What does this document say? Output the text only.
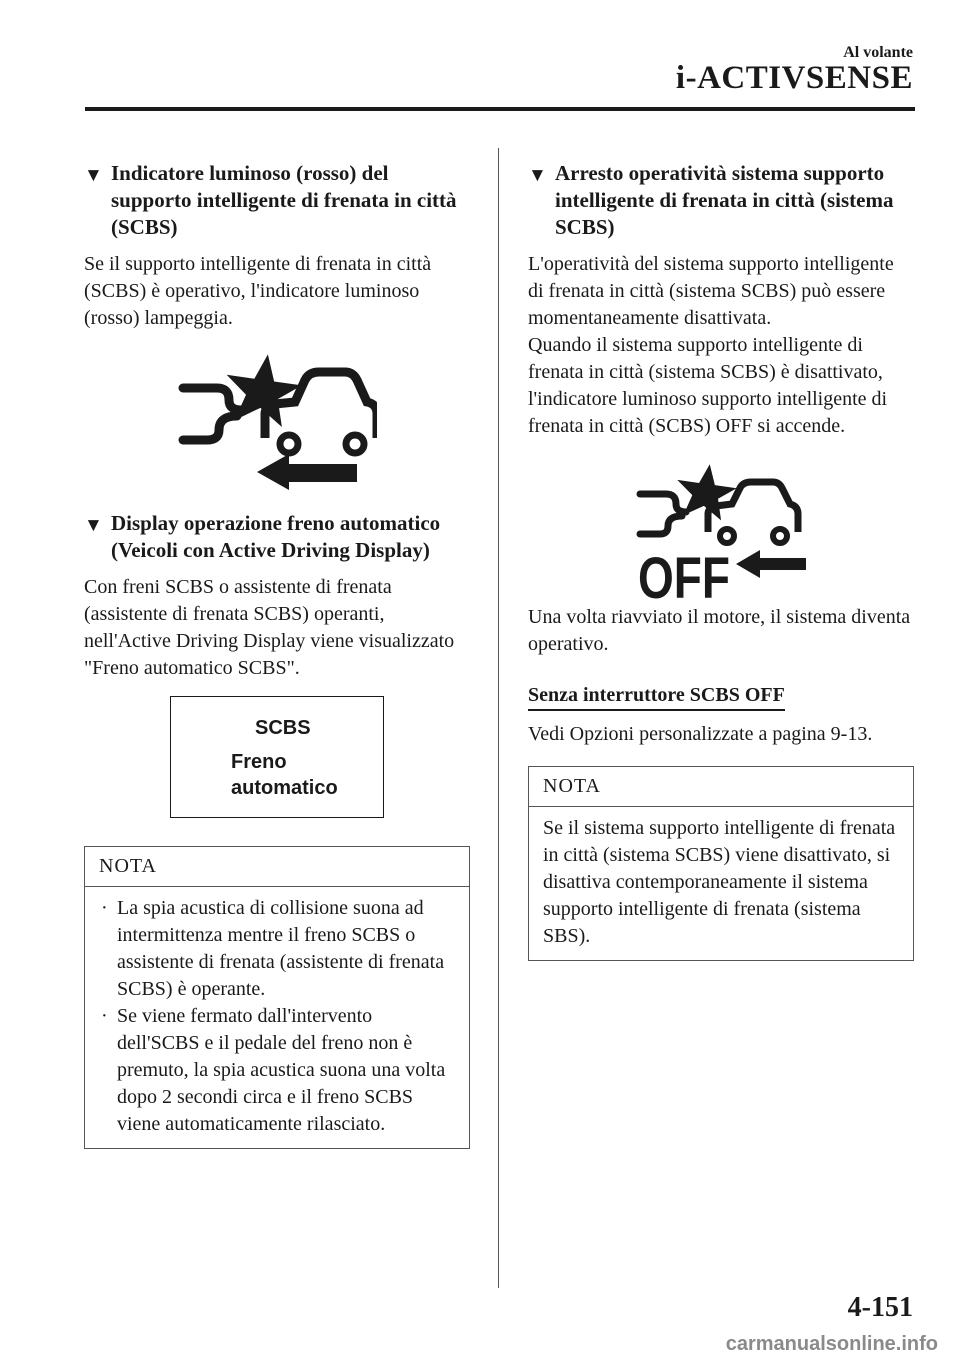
Al volante
i-ACTIVSENSE
▼ Indicatore luminoso (rosso) del supporto intelligente di frenata in città (SCBS)

Se il supporto intelligente di frenata in città (SCBS) è operativo, l'indicatore luminoso (rosso) lampeggia.

▼ Display operazione freno automatico (Veicoli con Active Driving Display)

Con freni SCBS o assistente di frenata (assistente di frenata SCBS) operanti, nell'Active Driving Display viene visualizzato "Freno automatico SCBS".

SCBS
Freno
automatico
NOTA
· La spia acustica di collisione suona ad intermittenza mentre il freno SCBS o assistente di frenata (assistente di frenata SCBS) è operante.
· Se viene fermato dall'intervento dell'SCBS e il pedale del freno non è premuto, la spia acustica suona una volta dopo 2 secondi circa e il freno SCBS viene automaticamente rilasciato.
▼ Arresto operatività sistema supporto intelligente di frenata in città (sistema SCBS)

L'operatività del sistema supporto intelligente di frenata in città (sistema SCBS) può essere momentaneamente disattivata.

Quando il sistema supporto intelligente di frenata in città (sistema SCBS) è disattivato, l'indicatore luminoso supporto intelligente di frenata in città (SCBS) OFF si accende.

OFF

Una volta riavviato il motore, il sistema diventa operativo.

Senza interruttore SCBS OFF

Vedi Opzioni personalizzate a pagina 9-13.

NOTA
Se il sistema supporto intelligente di frenata in città (sistema SCBS) viene disattivato, si disattiva contemporaneamente il sistema supporto intelligente di frenata (sistema SBS).
4-151
carmanualsonline.info
